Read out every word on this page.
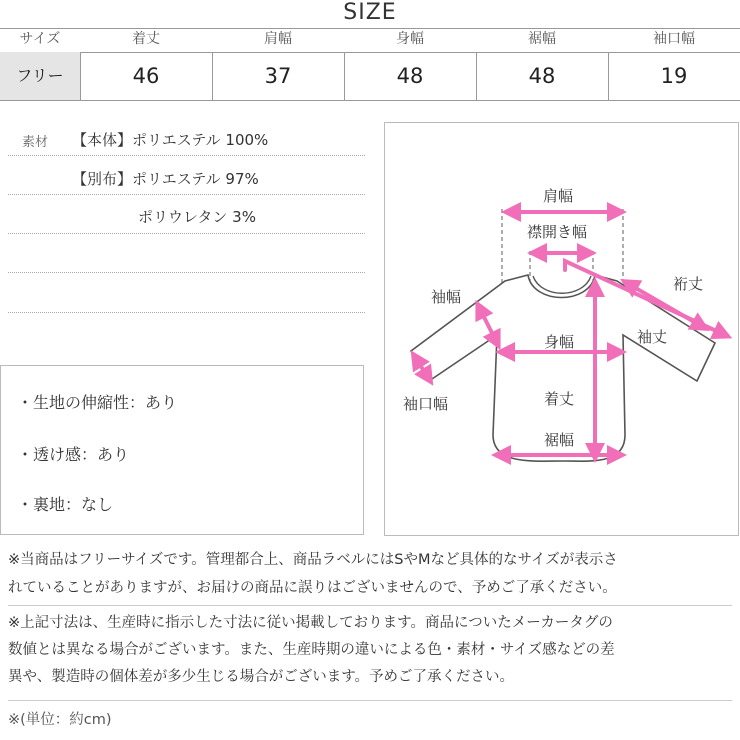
SIZE
サイズ	着丈	肩幅	身幅	裾幅	袖口幅
フリー	46	37	48	48	19
素材 【本体】ポリエステル 100%
【別布】ポリエステル 97%
ポリウレタン 3%
・生地の伸縮性：あり
・透け感：あり
・裏地：なし
肩幅
襟開き幅
裄丈
袖幅
袖丈
身幅
袖口幅	着丈
裾幅
※当商品はフリーサイズです。管理都合上、商品ラベルにはSやMなど具体的なサイズが表示さ
れていることがありますが、お届けの商品に誤りはございませんので、予めご了承ください。
※上記寸法は、生産時に指示した寸法に従い掲載しております。商品についたメーカータグの
数値とは異なる場合がございます。また、生産時期の違いによる色・素材・サイズ感などの差
異や、製造時の個体差が多少生じる場合がございます。予めご了承ください。
※(単位：約cm)
